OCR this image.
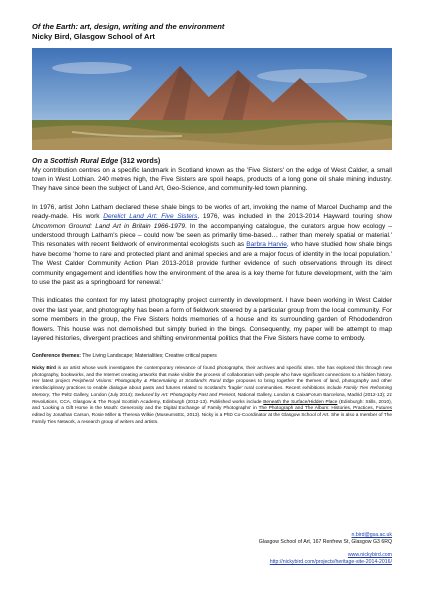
Of the Earth: art, design, writing and the environment
Nicky Bird, Glasgow School of Art
On a Scottish Rural Edge (312 words)

My contribution centres on a specific landmark in Scotland known as the 'Five Sisters' on the edge of West Calder, a small town in West Lothian. 240 metres high, the Five Sisters are spoil heaps, products of a long gone oil shale mining industry. They have since been the subject of Land Art, Geo-Science, and community-led town planning.

In 1976, artist John Latham declared these shale bings to be works of art, invoking the name of Marcel Duchamp and the ready-made. His work Derelict Land Art: Five Sisters, 1976, was included in the 2013-2014 Hayward touring show Uncommon Ground: Land Art in Britain 1966-1979. In the accompanying catalogue, the curators argue how ecology – understood through Latham's piece – could now 'be seen as primarily time-based… rather than merely spatial or material.' This resonates with recent fieldwork of environmental ecologists such as Barbra Harvie, who have studied how shale bings have become 'home to rare and protected plant and animal species and are a major focus of identity in the local population.' The West Calder Community Action Plan 2013-2018 provide further evidence of such observations through its direct community engagement and identifies how the environment of the area is a key theme for future development, with the 'aim to use the past as a springboard for renewal.'

This indicates the context for my latest photography project currently in development. I have been working in West Calder over the last year, and photography has been a form of fieldwork steered by a particular group from the local community. For some members in the group, the Five Sisters holds memories of a house and its surrounding garden of Rhododendron flowers. This house was not demolished but simply buried in the bings. Consequently, my paper will be attempt to map layered histories, divergent practices and shifting environmental politics that the Five Sisters have come to embody.

Conference themes: The Living Landscape; Materialities; Creative critical papers

Nicky Bird is an artist whose work investigates the contemporary relevance of found photographs, their archives and specific sites. She has explored this through new photography, bookworks, and the Internet creating artworks that make visible the process of collaboration with people who have significant connections to a hidden history. Her latest project Peripheral Visions: Photography & Placemaking at Scotland's Rural Edge proposes to bring together the themes of land, photography and other interdisciplinary practices to enable dialogue about pasts and futures related to Scotland's 'fragile' rural communities. Recent exhibitions include Family Ties Reframing Memory, The Peltz Gallery, London (July 2014); Seduced by Art: Photography Past and Present, National Gallery, London & CaixaForum Barcelona, Madrid (2012-13); 21 Revolutions, CCA, Glasgow & The Royal Scottish Academy, Edinburgh (2012-13). Published works include Beneath the Surface/Hidden Place (Edinburgh: Stills, 2010), and 'Looking a Gift Horse in the Mouth: Generosity and the Digital Exchange of Family Photographs' in The Photograph and The Album: Histories, Practices, Futures edited by Jonathan Carson, Rosie Miller & Theresa Wilkie (MuseumsEtc, 2013). Nicky is a PhD Co-Coordinator at the Glasgow School of Art. She is also a member of The Family Ties Network, a research group of writers and artists.

n.bird@gsa.ac.uk
Glasgow School of Art, 167 Renfrew St, Glasgow G3 6RQ
www.nickybird.com
http://nickybird.com/projects/heritage-site-2014-2016/
